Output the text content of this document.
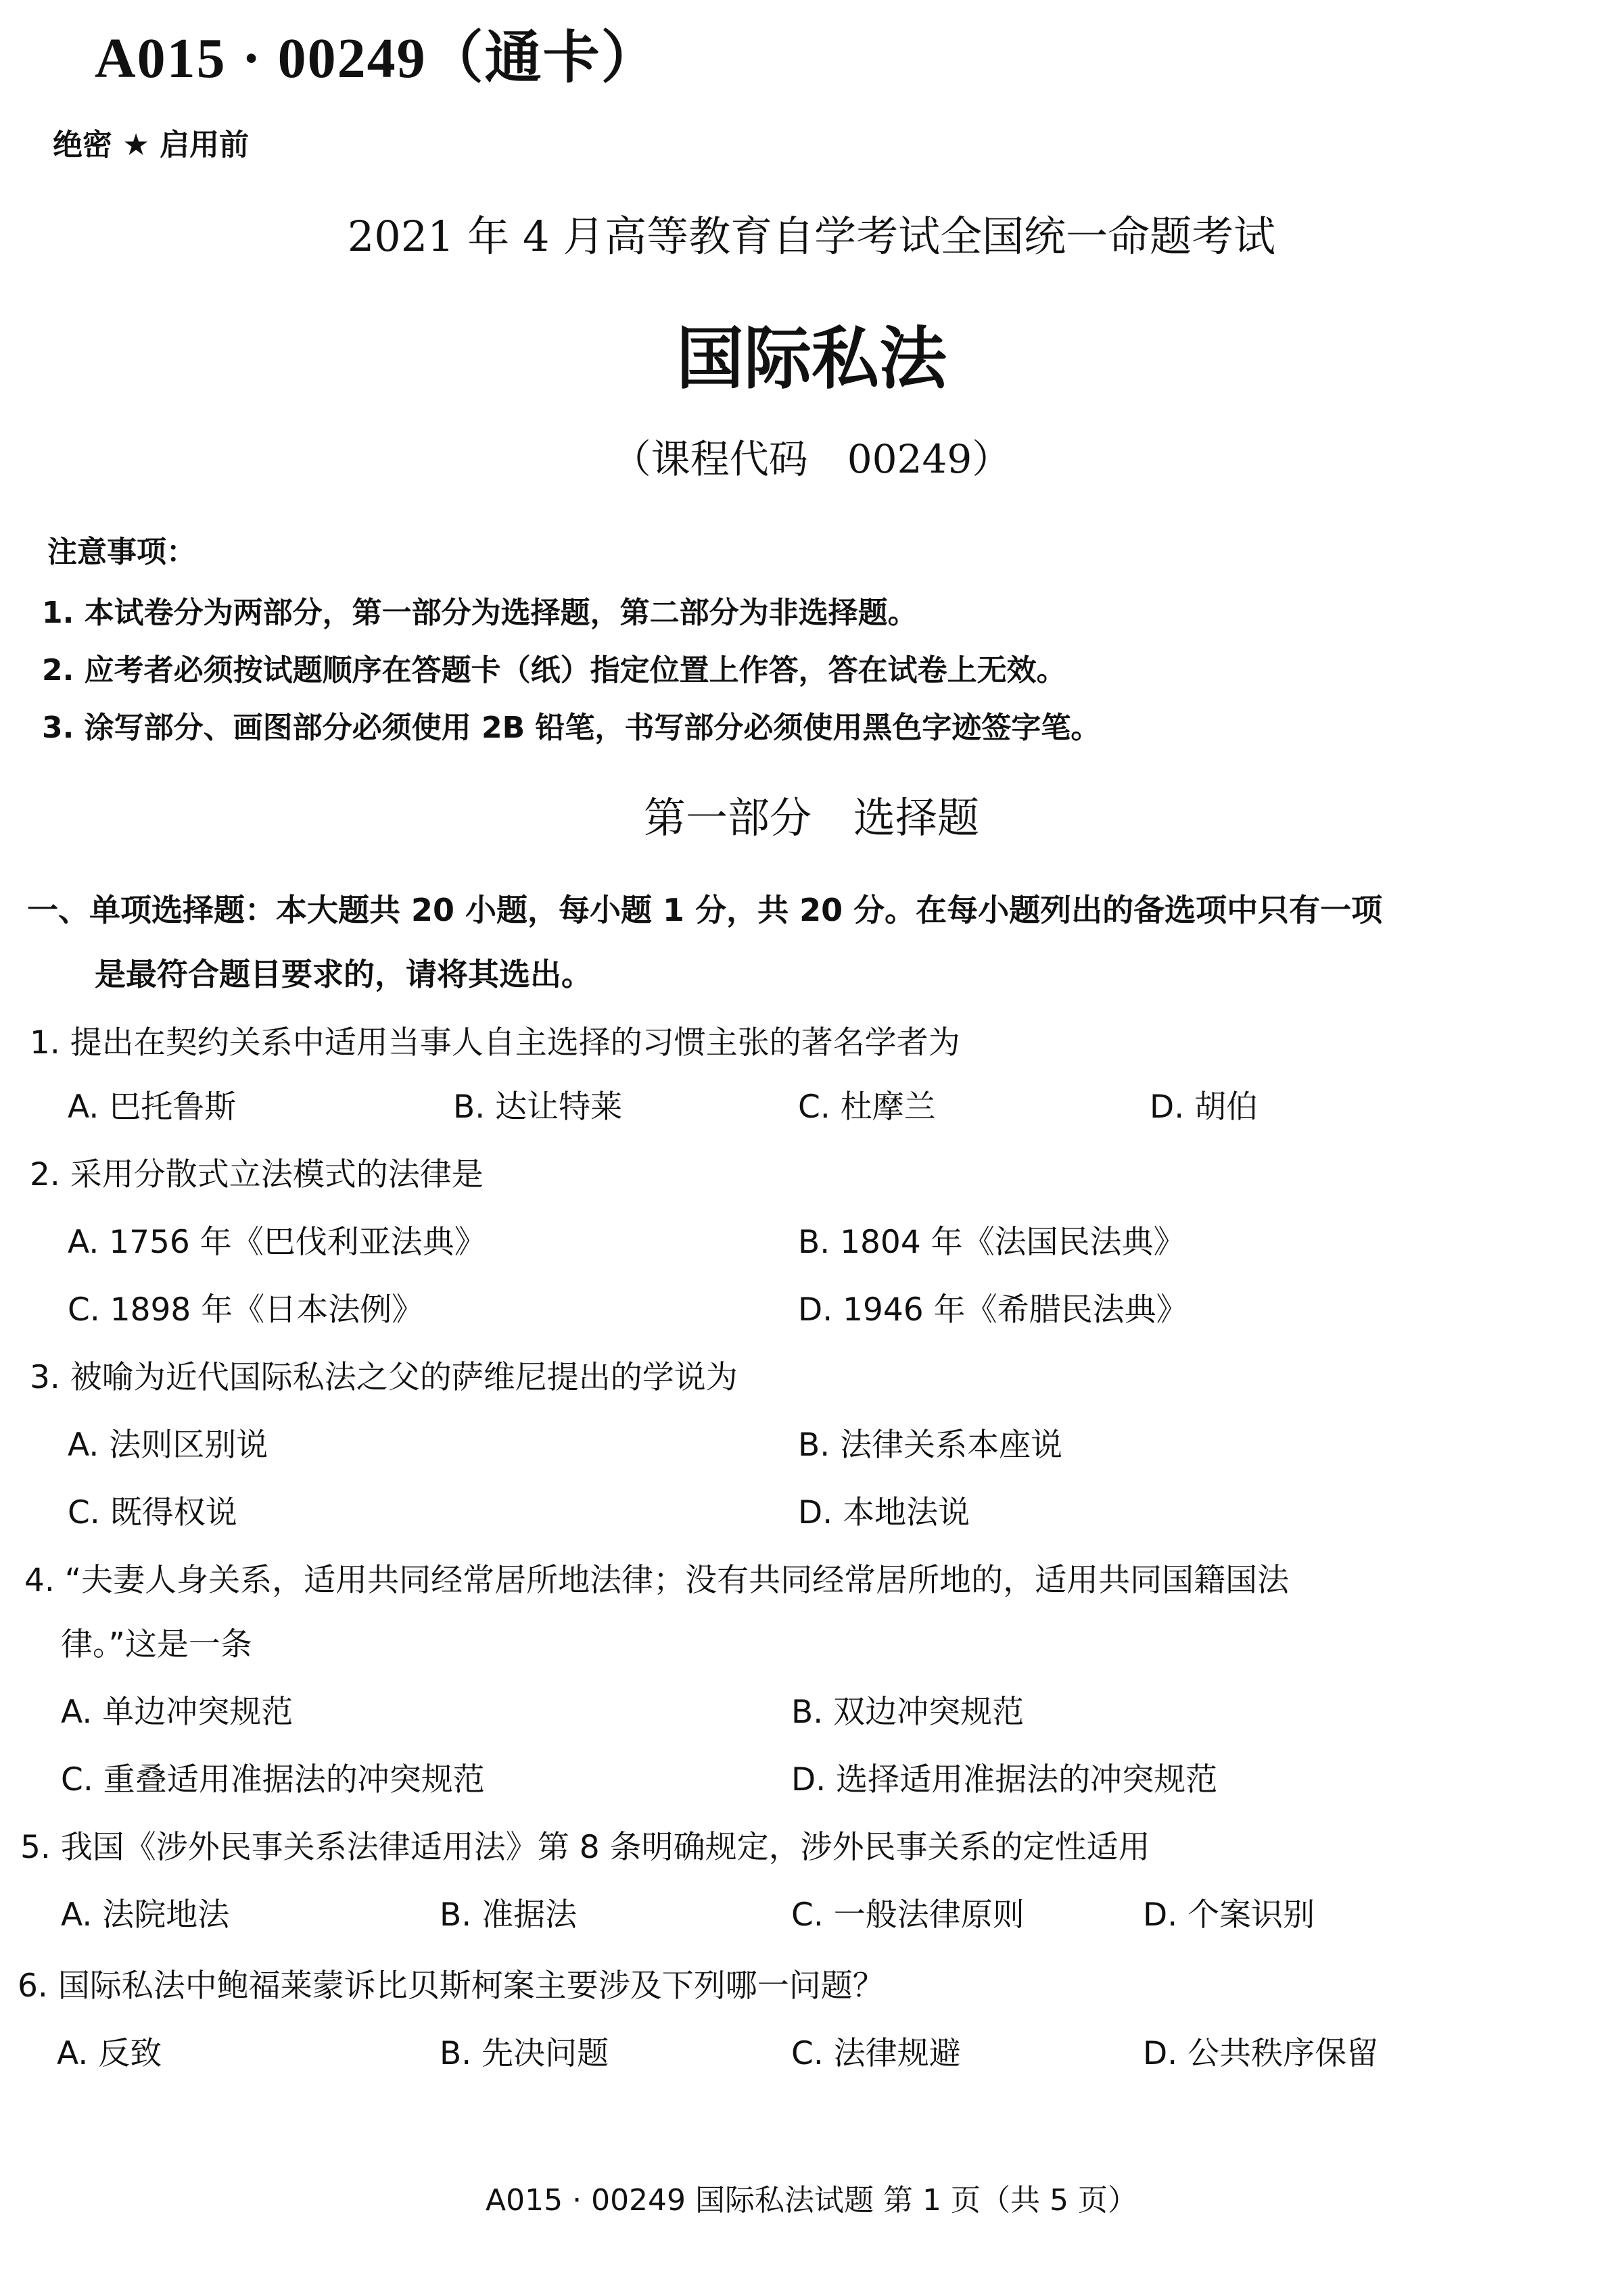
A015 · 00249（通卡）
绝密 ★ 启用前
2021 年 4 月高等教育自学考试全国统一命题考试
国际私法
（课程代码　00249）
注意事项：
1. 本试卷分为两部分，第一部分为选择题，第二部分为非选择题。
2. 应考者必须按试题顺序在答题卡（纸）指定位置上作答，答在试卷上无效。
3. 涂写部分、画图部分必须使用 2B 铅笔，书写部分必须使用黑色字迹签字笔。
第一部分　选择题
一、单项选择题：本大题共 20 小题，每小题 1 分，共 20 分。在每小题列出的备选项中只有一项
是最符合题目要求的，请将其选出。
1. 提出在契约关系中适用当事人自主选择的习惯主张的著名学者为
A. 巴托鲁斯	B. 达让特莱	C. 杜摩兰	D. 胡伯
2. 采用分散式立法模式的法律是
A. 1756 年《巴伐利亚法典》	B. 1804 年《法国民法典》
C. 1898 年《日本法例》	D. 1946 年《希腊民法典》
3. 被喻为近代国际私法之父的萨维尼提出的学说为
A. 法则区别说	B. 法律关系本座说
C. 既得权说	D. 本地法说
4. “夫妻人身关系，适用共同经常居所地法律；没有共同经常居所地的，适用共同国籍国法
律。”这是一条
A. 单边冲突规范	B. 双边冲突规范
C. 重叠适用准据法的冲突规范	D. 选择适用准据法的冲突规范
5. 我国《涉外民事关系法律适用法》第 8 条明确规定，涉外民事关系的定性适用
A. 法院地法	B. 准据法	C. 一般法律原则	D. 个案识别
6. 国际私法中鲍福莱蒙诉比贝斯柯案主要涉及下列哪一问题？
A. 反致	B. 先决问题	C. 法律规避	D. 公共秩序保留
A015 · 00249 国际私法试题 第 1 页（共 5 页）
